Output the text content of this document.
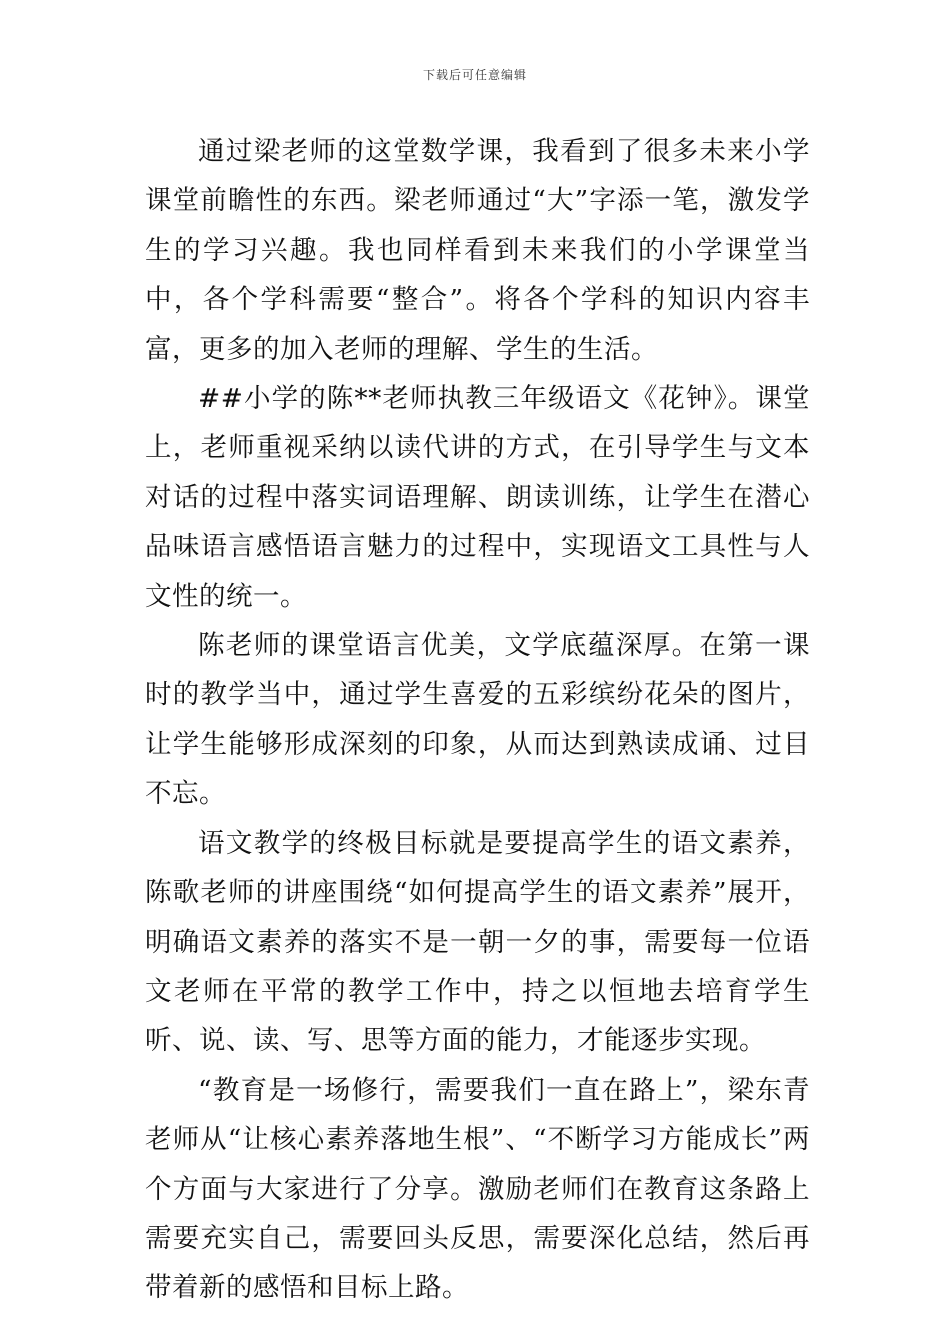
下载后可任意编辑

通过梁老师的这堂数学课，我看到了很多未来小学课堂前瞻性的东西。梁老师通过“大”字添一笔，激发学生的学习兴趣。我也同样看到未来我们的小学课堂当中，各个学科需要“整合”。将各个学科的知识内容丰富，更多的加入老师的理解、学生的生活。

##小学的陈**老师执教三年级语文《花钟》。课堂上，老师重视采纳以读代讲的方式，在引导学生与文本对话的过程中落实词语理解、朗读训练，让学生在潜心品味语言感悟语言魅力的过程中，实现语文工具性与人文性的统一。

陈老师的课堂语言优美，文学底蕴深厚。在第一课时的教学当中，通过学生喜爱的五彩缤纷花朵的图片，让学生能够形成深刻的印象，从而达到熟读成诵、过目不忘。

语文教学的终极目标就是要提高学生的语文素养，陈歌老师的讲座围绕“如何提高学生的语文素养”展开，明确语文素养的落实不是一朝一夕的事，需要每一位语文老师在平常的教学工作中，持之以恒地去培育学生听、说、读、写、思等方面的能力，才能逐步实现。

“教育是一场修行，需要我们一直在路上”，梁东青老师从“让核心素养落地生根”、“不断学习方能成长”两个方面与大家进行了分享。激励老师们在教育这条路上需要充实自己，需要回头反思，需要深化总结，然后再带着新的感悟和目标上路。
